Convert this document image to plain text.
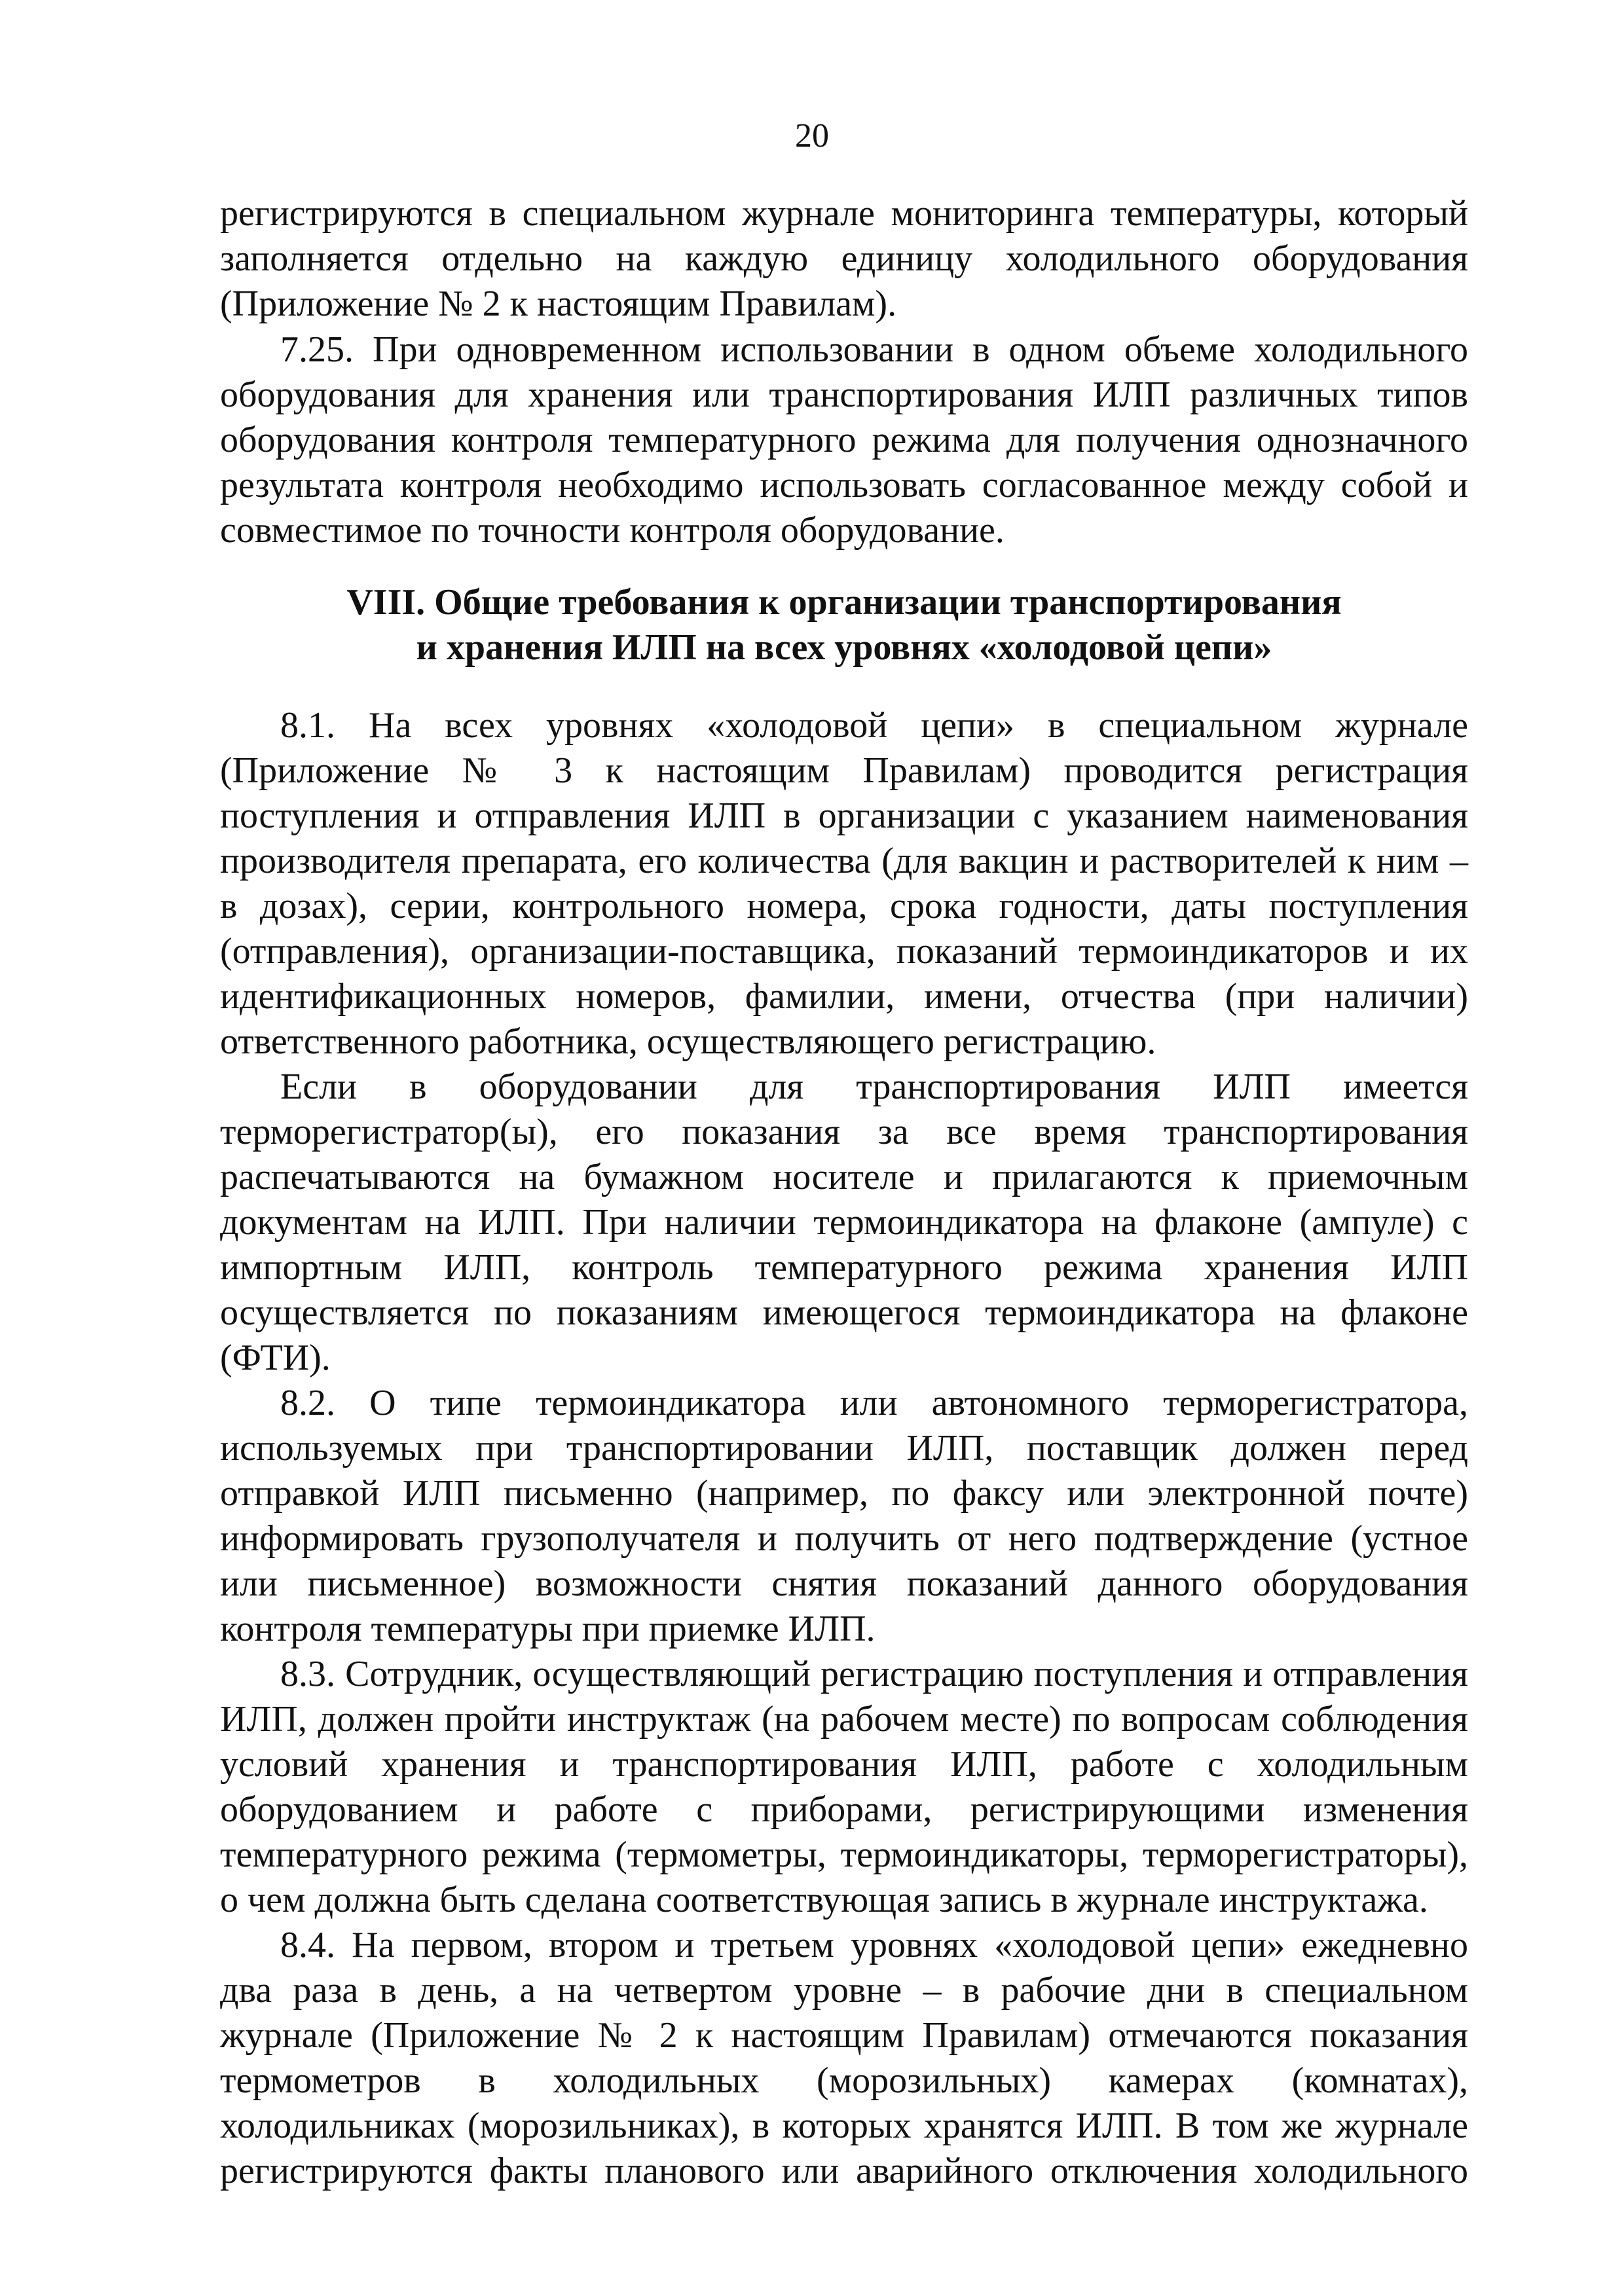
20
регистрируются в специальном журнале мониторинга температуры, который
заполняется отдельно на каждую единицу холодильного оборудования
(Приложение № 2 к настоящим Правилам).
7.25. При одновременном использовании в одном объеме холодильного
оборудования для хранения или транспортирования ИЛП различных типов
оборудования контроля температурного режима для получения однозначного
результата контроля необходимо использовать согласованное между собой и
совместимое по точности контроля оборудование.
VIII. Общие требования к организации транспортирования
и хранения ИЛП на всех уровнях «холодовой цепи»
8.1. На всех уровнях «холодовой цепи» в специальном журнале
(Приложение № 3 к настоящим Правилам) проводится регистрация
поступления и отправления ИЛП в организации с указанием наименования
производителя препарата, его количества (для вакцин и растворителей к ним –
в дозах), серии, контрольного номера, срока годности, даты поступления
(отправления), организации-поставщика, показаний термоиндикаторов и их
идентификационных номеров, фамилии, имени, отчества (при наличии)
ответственного работника, осуществляющего регистрацию.
Если в оборудовании для транспортирования ИЛП имеется
терморегистратор(ы), его показания за все время транспортирования
распечатываются на бумажном носителе и прилагаются к приемочным
документам на ИЛП. При наличии термоиндикатора на флаконе (ампуле) с
импортным ИЛП, контроль температурного режима хранения ИЛП
осуществляется по показаниям имеющегося термоиндикатора на флаконе
(ФТИ).
8.2. О типе термоиндикатора или автономного терморегистратора,
используемых при транспортировании ИЛП, поставщик должен перед
отправкой ИЛП письменно (например, по факсу или электронной почте)
информировать грузополучателя и получить от него подтверждение (устное
или письменное) возможности снятия показаний данного оборудования
контроля температуры при приемке ИЛП.
8.3. Сотрудник, осуществляющий регистрацию поступления и отправления
ИЛП, должен пройти инструктаж (на рабочем месте) по вопросам соблюдения
условий хранения и транспортирования ИЛП, работе с холодильным
оборудованием и работе с приборами, регистрирующими изменения
температурного режима (термометры, термоиндикаторы, терморегистраторы),
о чем должна быть сделана соответствующая запись в журнале инструктажа.
8.4. На первом, втором и третьем уровнях «холодовой цепи» ежедневно
два раза в день, а на четвертом уровне – в рабочие дни в специальном
журнале (Приложение № 2 к настоящим Правилам) отмечаются показания
термометров в холодильных (морозильных) камерах (комнатах),
холодильниках (морозильниках), в которых хранятся ИЛП. В том же журнале
регистрируются факты планового или аварийного отключения холодильного
